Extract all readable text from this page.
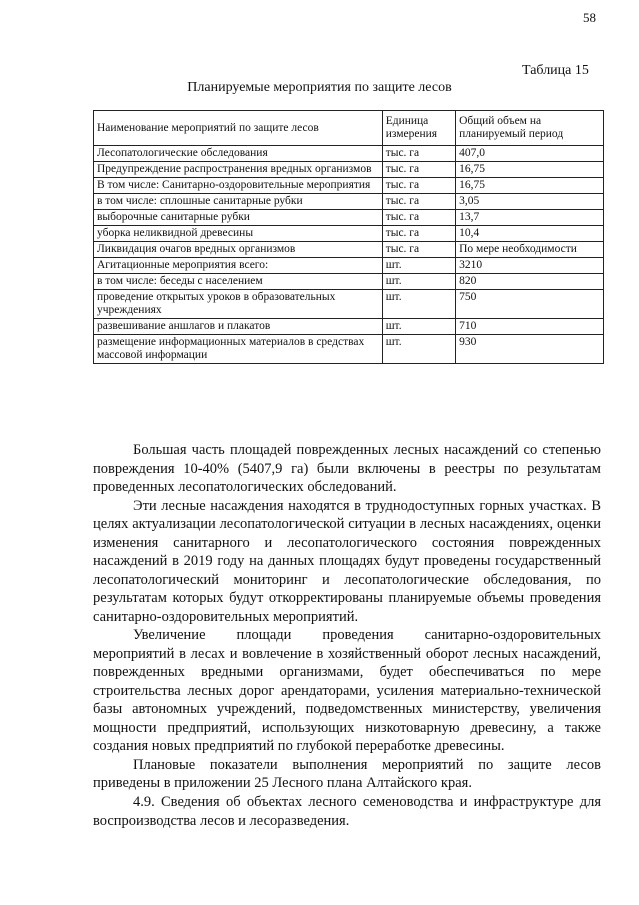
58
Таблица 15
Планируемые мероприятия по защите лесов
Наименование мероприятий по защите лесов	Единица измерения	Общий объем на планируемый период
Лесопатологические обследования	тыс. га	407,0
Предупреждение распространения вредных организмов	тыс. га	16,75
В том числе: Санитарно-оздоровительные мероприятия	тыс. га	16,75
в том числе: сплошные санитарные рубки	тыс. га	3,05
выборочные санитарные рубки	тыс. га	13,7
уборка неликвидной древесины	тыс. га	10,4
Ликвидация очагов вредных организмов	тыс. га	По мере необходимости
Агитационные мероприятия всего:	шт.	3210
в том числе: беседы с населением	шт.	820
проведение открытых уроков в образовательных учреждениях	шт.	750
развешивание аншлагов и плакатов	шт.	710
размещение информационных материалов в средствах массовой информации	шт.	930

Большая часть площадей поврежденных лесных насаждений со степенью повреждения 10-40% (5407,9 га) были включены в реестры по результатам проведенных лесопатологических обследований.

Эти лесные насаждения находятся в труднодоступных горных участках. В целях актуализации лесопатологической ситуации в лесных насаждениях, оценки изменения санитарного и лесопатологического состояния поврежденных насаждений в 2019 году на данных площадях будут проведены государственный лесопатологический мониторинг и лесопатологические обследования, по результатам которых будут откорректированы планируемые объемы проведения санитарно-оздоровительных мероприятий.

Увеличение площади проведения санитарно-оздоровительных мероприятий в лесах и вовлечение в хозяйственный оборот лесных насаждений, поврежденных вредными организмами, будет обеспечиваться по мере строительства лесных дорог арендаторами, усиления материально-технической базы автономных учреждений, подведомственных министерству, увеличения мощности предприятий, использующих низкотоварную древесину, а также создания новых предприятий по глубокой переработке древесины.

Плановые показатели выполнения мероприятий по защите лесов приведены в приложении 25 Лесного плана Алтайского края.

4.9. Сведения об объектах лесного семеноводства и инфраструктуре для воспроизводства лесов и лесоразведения.
